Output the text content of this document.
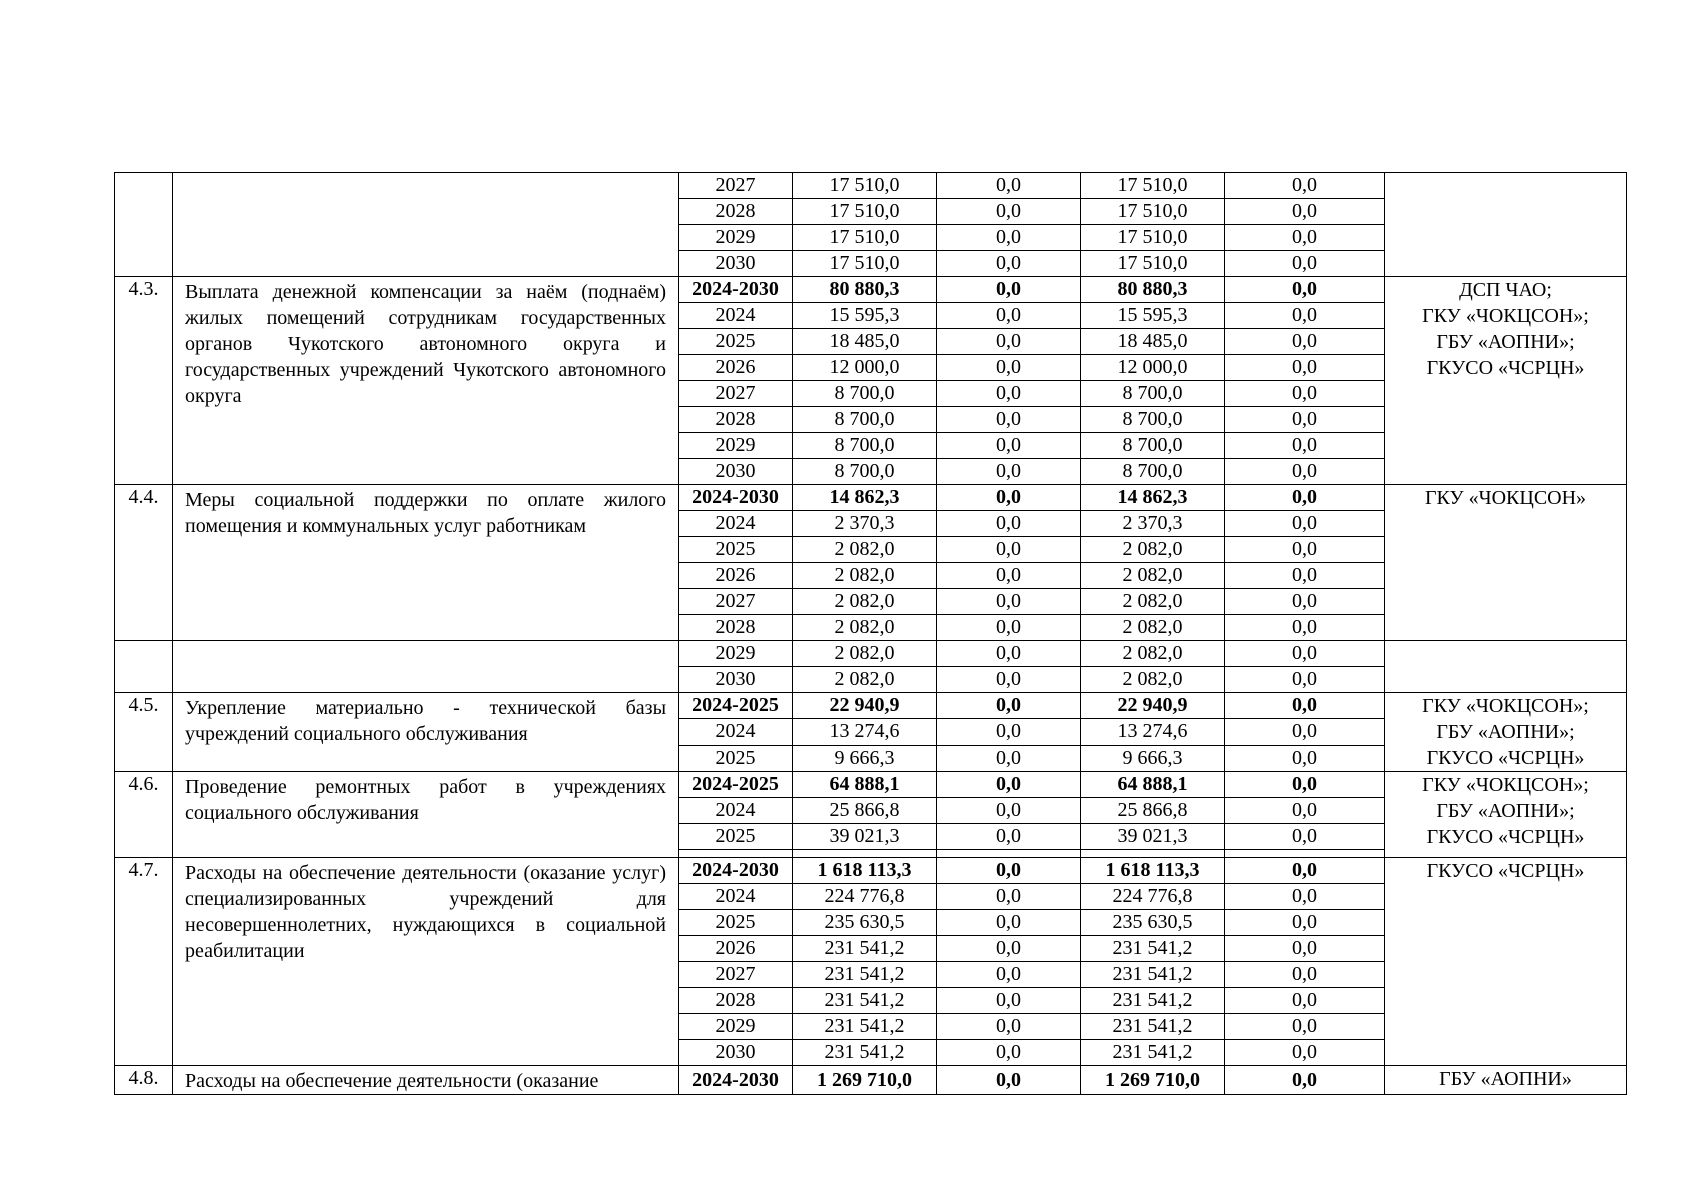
		2027	17 510,0	0,0	17 510,0	0,0	
		2028	17 510,0	0,0	17 510,0	0,0	
		2029	17 510,0	0,0	17 510,0	0,0	
		2030	17 510,0	0,0	17 510,0	0,0	
4.3.	Выплата денежной компенсации за наём (поднаём) жилых помещений сотрудникам государственных органов Чукотского автономного округа и государственных учреждений Чукотского автономного округа	2024-2030	80 880,3	0,0	80 880,3	0,0	ДСП ЧАО;
ГКУ «ЧОКЦСОН»;
ГБУ «АОПНИ»;
ГКУСО «ЧСРЦН»

		2024	15 595,3	0,0	15 595,3	0,0	
		2025	18 485,0	0,0	18 485,0	0,0	
		2026	12 000,0	0,0	12 000,0	0,0	
		2027	8 700,0	0,0	8 700,0	0,0	
		2028	8 700,0	0,0	8 700,0	0,0	
		2029	8 700,0	0,0	8 700,0	0,0	
		2030	8 700,0	0,0	8 700,0	0,0	
4.4.	Меры социальной поддержки по оплате жилого помещения и коммунальных услуг работникам	2024-2030	14 862,3	0,0	14 862,3	0,0	ГКУ «ЧОКЦСОН»

		2024	2 370,3	0,0	2 370,3	0,0	
		2025	2 082,0	0,0	2 082,0	0,0	
		2026	2 082,0	0,0	2 082,0	0,0	
		2027	2 082,0	0,0	2 082,0	0,0	
		2028	2 082,0	0,0	2 082,0	0,0	
		2029	2 082,0	0,0	2 082,0	0,0	
		2030	2 082,0	0,0	2 082,0	0,0	
4.5.	Укрепление материально - технической базы учреждений социального обслуживания	2024-2025	22 940,9	0,0	22 940,9	0,0	ГКУ «ЧОКЦСОН»;
ГБУ «АОПНИ»;
ГКУСО «ЧСРЦН»

		2024	13 274,6	0,0	13 274,6	0,0	
		2025	9 666,3	0,0	9 666,3	0,0	
4.6.	Проведение ремонтных работ в учреждениях социального обслуживания	2024-2025	64 888,1	0,0	64 888,1	0,0	ГКУ «ЧОКЦСОН»;
ГБУ «АОПНИ»;
ГКУСО «ЧСРЦН»

		2024	25 866,8	0,0	25 866,8	0,0	
		2025	39 021,3	0,0	39 021,3	0,0	

4.7.	Расходы на обеспечение деятельности (оказание услуг) специализированных учреждений для несовершеннолетних, нуждающихся в социальной реабилитации	2024-2030	1 618 113,3	0,0	1 618 113,3	0,0	ГКУСО «ЧСРЦН»

		2024	224 776,8	0,0	224 776,8	0,0	
		2025	235 630,5	0,0	235 630,5	0,0	
		2026	231 541,2	0,0	231 541,2	0,0	
		2027	231 541,2	0,0	231 541,2	0,0	
		2028	231 541,2	0,0	231 541,2	0,0	
		2029	231 541,2	0,0	231 541,2	0,0	
		2030	231 541,2	0,0	231 541,2	0,0	
4.8.	Расходы на обеспечение деятельности (оказание	2024-2030	1 269 710,0	0,0	1 269 710,0	0,0	ГБУ «АОПНИ»
